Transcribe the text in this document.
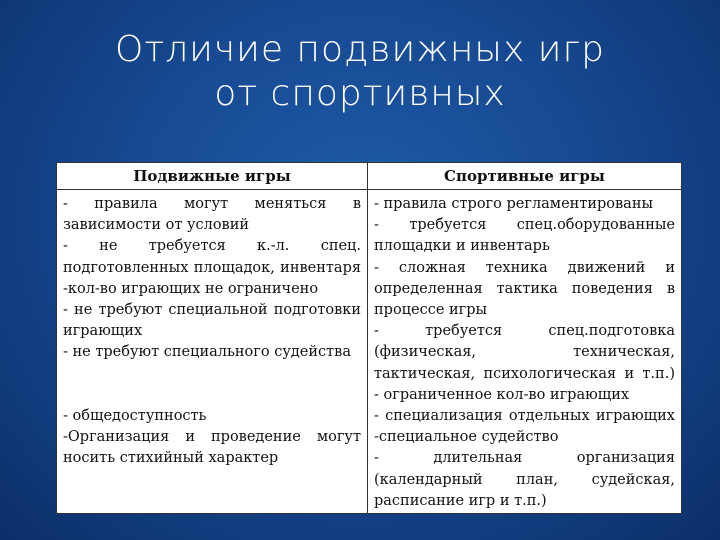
Отличие подвижных игр
от спортивных
Подвижные игры	Спортивные игры
- правила могут меняться в
зависимости от условий
- не требуется к.-л. спец.
подготовленных площадок, инвентаря
-кол-во играющих не ограничено
- не требуют специальной подготовки
играющих
- не требуют специального судейства
- общедоступность
-Организация и проведение могут
носить стихийный характер
- правила строго регламентированы
- требуется спец.оборудованные
площадки и инвентарь
- сложная техника движений и
определенная тактика поведения в
процессе игры
- требуется спец.подготовка
(физическая, техническая,
тактическая, психологическая и т.п.)
- ограниченное кол-во играющих
- специализация отдельных играющих
-специальное судейство
- длительная организация
(календарный план, судейская,
расписание игр и т.п.)
